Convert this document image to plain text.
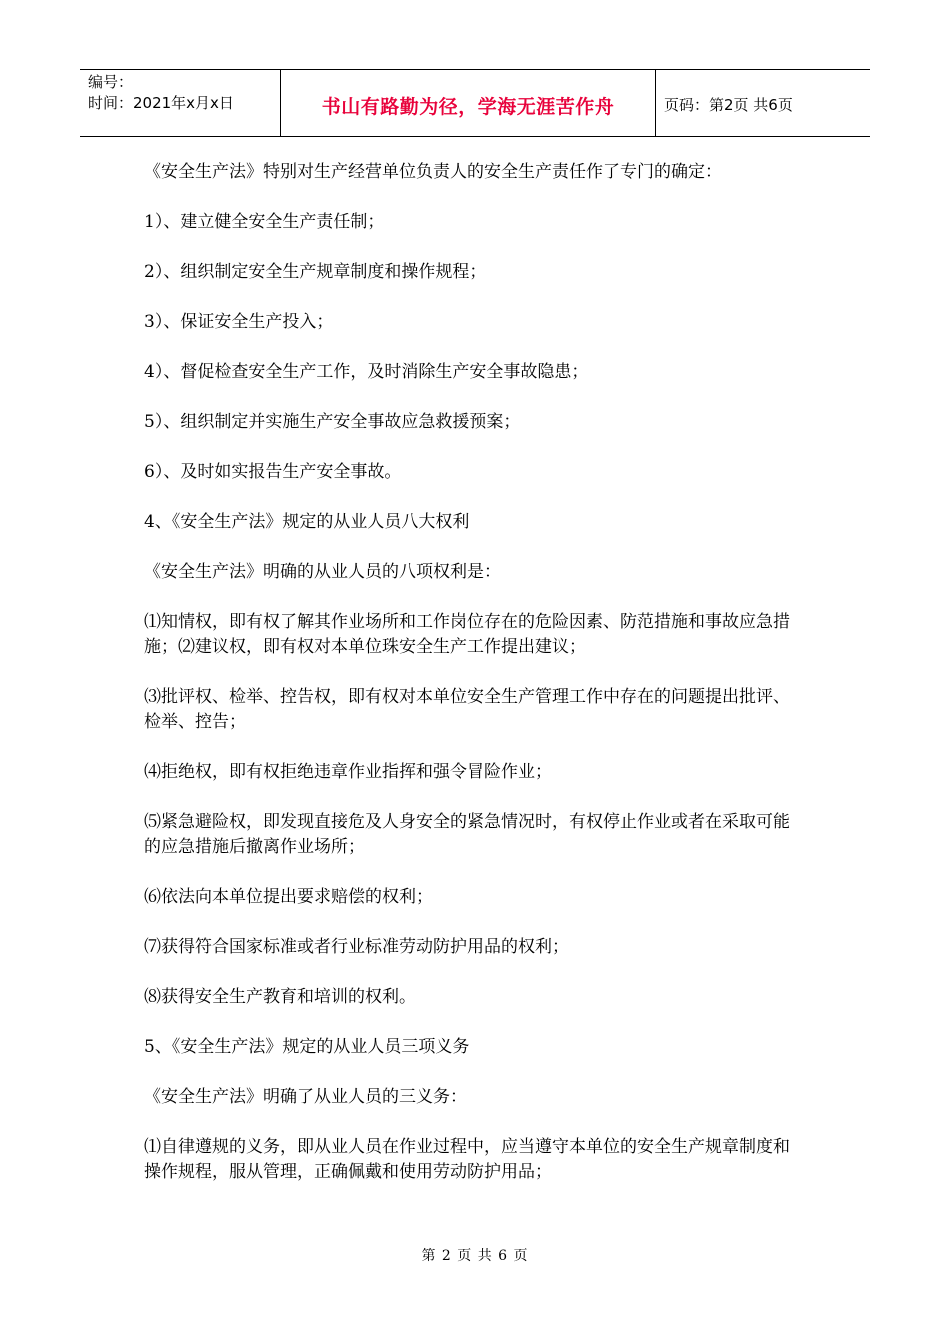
编号：
时间：2021年x月x日	书山有路勤为径，学海无涯苦作舟	页码：第2页 共6页

《安全生产法》特别对生产经营单位负责人的安全生产责任作了专门的确定：

1）、建立健全安全生产责任制；

2）、组织制定安全生产规章制度和操作规程；

3）、保证安全生产投入；

4）、督促检查安全生产工作，及时消除生产安全事故隐患；

5）、组织制定并实施生产安全事故应急救援预案；

6）、及时如实报告生产安全事故。

4、《安全生产法》规定的从业人员八大权利

《安全生产法》明确的从业人员的八项权利是：

⑴知情权，即有权了解其作业场所和工作岗位存在的危险因素、防范措施和事故应急措施；⑵建议权，即有权对本单位珠安全生产工作提出建议；

⑶批评权、检举、控告权，即有权对本单位安全生产管理工作中存在的问题提出批评、检举、控告；

⑷拒绝权，即有权拒绝违章作业指挥和强令冒险作业；

⑸紧急避险权，即发现直接危及人身安全的紧急情况时，有权停止作业或者在采取可能的应急措施后撤离作业场所；

⑹依法向本单位提出要求赔偿的权利；

⑺获得符合国家标准或者行业标准劳动防护用品的权利；

⑻获得安全生产教育和培训的权利。

5、《安全生产法》规定的从业人员三项义务

《安全生产法》明确了从业人员的三义务：

⑴自律遵规的义务，即从业人员在作业过程中，应当遵守本单位的安全生产规章制度和操作规程，服从管理，正确佩戴和使用劳动防护用品；

第 2 页 共 6 页
